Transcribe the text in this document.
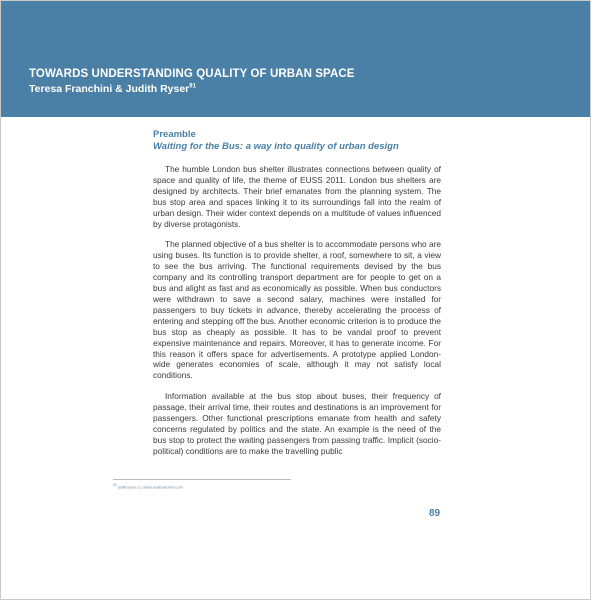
TOWARDS UNDERSTANDING QUALITY OF URBAN SPACE
Teresa Franchini & Judith Ryser$^{91}$
Preamble
Waiting for the Bus: a way into quality of urban design

The humble London bus shelter illustrates connections between quality of space and quality of life, the theme of EUSS 2011. London bus shelters are designed by architects. Their brief emanates from the planning system. The bus stop area and spaces linking it to its surroundings fall into the realm of urban design. Their wider context depends on a multitude of values influenced by diverse protagonists.

The planned objective of a bus shelter is to accommodate persons who are using buses. Its function is to provide shelter, a roof, somewhere to sit, a view to see the bus arriving. The functional requirements devised by the bus company and its controlling transport department are for people to get on a bus and alight as fast and as economically as possible. When bus conductors were withdrawn to save a second salary, machines were installed for passengers to buy tickets in advance, thereby accelerating the process of entering and stepping off the bus. Another economic criterion is to produce the bus stop as cheaply as possible. It has to be vandal proof to prevent expensive maintenance and repairs. Moreover, it has to generate income. For this reason it offers space for advertisements. A prototype applied London-wide generates economies of scale, although it may not satisfy local conditions.

Information available at the bus stop about buses, their frequency of passage, their arrival time, their routes and destinations is an improvement for passengers. Other functional prescriptions emanate from health and safety concerns regulated by politics and the state. An example is the need of the bus stop to protect the waiting passengers from passing traffic. Implicit (socio-political) conditions are to make the travelling public

$^{91}$ judithryser.co.uk/teresafranchini.com
89
